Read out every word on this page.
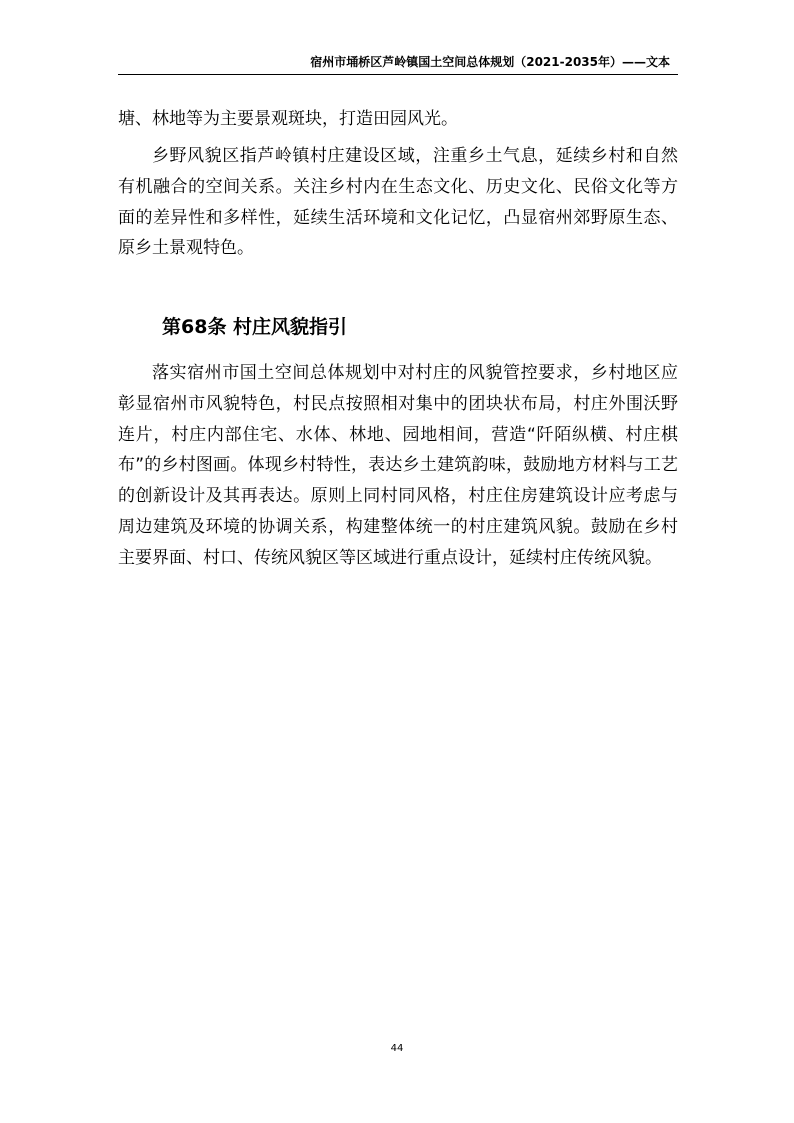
宿州市埇桥区芦岭镇国土空间总体规划（2021-2035年）——文本

塘、林地等为主要景观斑块，打造田园风光。

乡野风貌区指芦岭镇村庄建设区域，注重乡土气息，延续乡村和自然有机融合的空间关系。关注乡村内在生态文化、历史文化、民俗文化等方面的差异性和多样性，延续生活环境和文化记忆，凸显宿州郊野原生态、原乡土景观特色。

第68条 村庄风貌指引

落实宿州市国土空间总体规划中对村庄的风貌管控要求，乡村地区应彰显宿州市风貌特色，村民点按照相对集中的团块状布局，村庄外围沃野连片，村庄内部住宅、水体、林地、园地相间，营造“阡陌纵横、村庄棋布”的乡村图画。体现乡村特性，表达乡土建筑韵味，鼓励地方材料与工艺的创新设计及其再表达。原则上同村同风格，村庄住房建筑设计应考虑与周边建筑及环境的协调关系，构建整体统一的村庄建筑风貌。鼓励在乡村主要界面、村口、传统风貌区等区域进行重点设计，延续村庄传统风貌。

44
